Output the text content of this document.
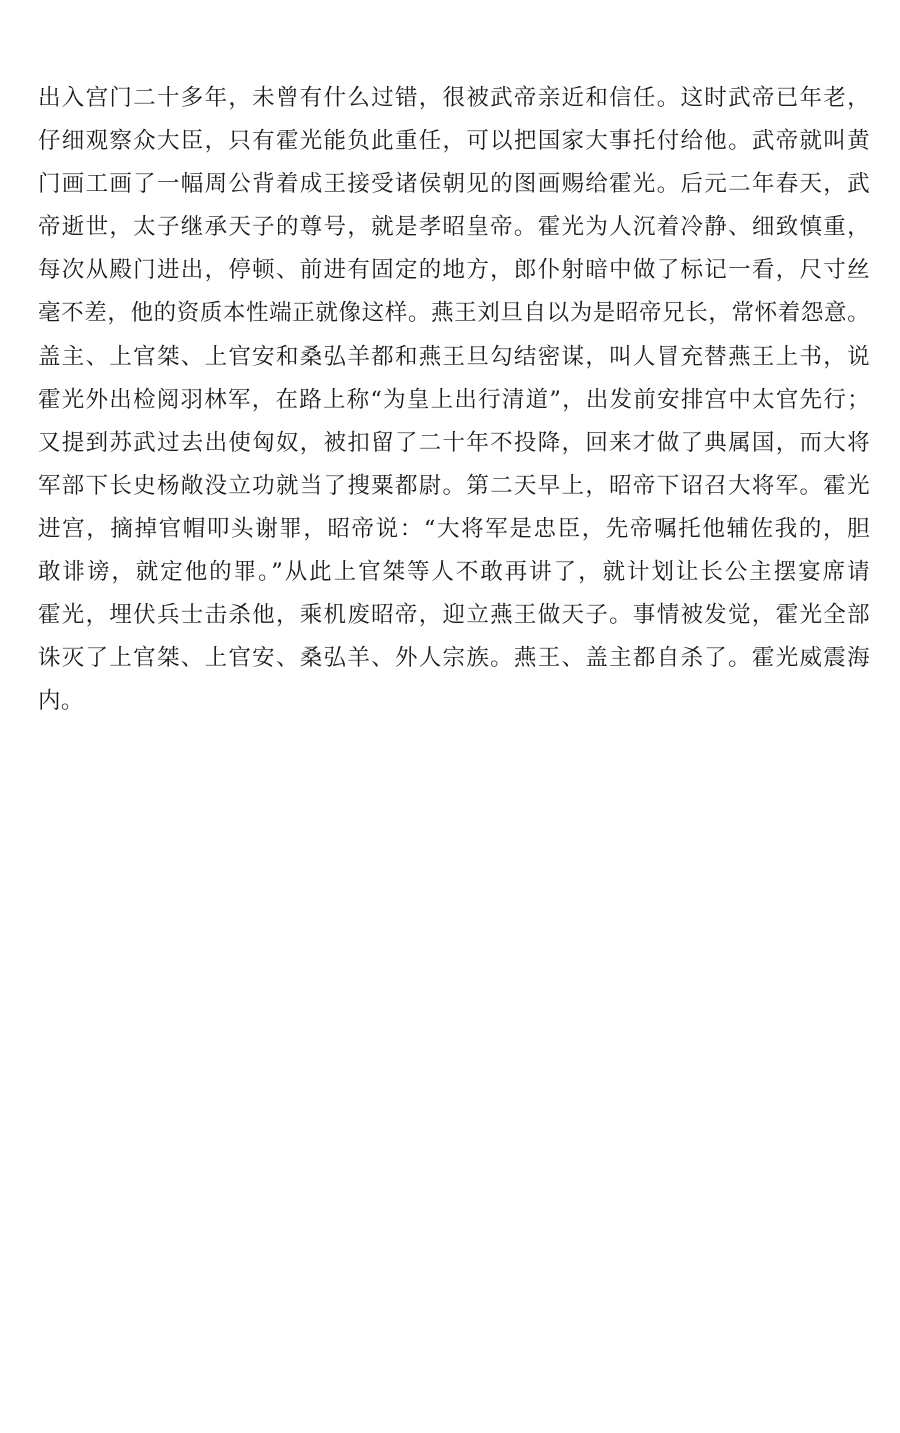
出入宫门二十多年，未曾有什么过错，很被武帝亲近和信任。这时武帝已年老，
仔细观察众大臣，只有霍光能负此重任，可以把国家大事托付给他。武帝就叫黄
门画工画了一幅周公背着成王接受诸侯朝见的图画赐给霍光。后元二年春天，武
帝逝世，太子继承天子的尊号，就是孝昭皇帝。霍光为人沉着冷静、细致慎重，
每次从殿门进出，停顿、前进有固定的地方，郎仆射暗中做了标记一看，尺寸丝
毫不差，他的资质本性端正就像这样。燕王刘旦自以为是昭帝兄长，常怀着怨意。
盖主、上官桀、上官安和桑弘羊都和燕王旦勾结密谋，叫人冒充替燕王上书，说
霍光外出检阅羽林军，在路上称“为皇上出行清道”，出发前安排宫中太官先行；
又提到苏武过去出使匈奴，被扣留了二十年不投降，回来才做了典属国，而大将
军部下长史杨敞没立功就当了搜粟都尉。第二天早上，昭帝下诏召大将军。霍光
进宫，摘掉官帽叩头谢罪，昭帝说：“大将军是忠臣，先帝嘱托他辅佐我的，胆
敢诽谤，就定他的罪。”从此上官桀等人不敢再讲了，就计划让长公主摆宴席请
霍光，埋伏兵士击杀他，乘机废昭帝，迎立燕王做天子。事情被发觉，霍光全部
诛灭了上官桀、上官安、桑弘羊、外人宗族。燕王、盖主都自杀了。霍光威震海
内。
